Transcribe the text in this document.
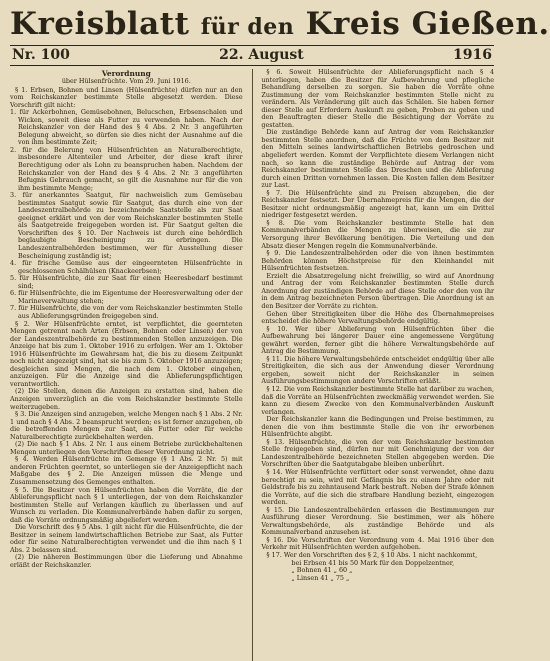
Kreisblatt für den Kreis Gießen.
Nr. 100	22. August	1916

Verordnung

über Hülsenfrüchte. Vom 29. Juni 1916.

§ 1. Erbsen, Bohnen und Linsen (Hülsenfrüchte) dürfen nur an den vom Reichskanzler bestimmte Stelle abgesetzt werden. Diese Vorschrift gilt nicht:

1. für Ackerbohnen, Gemüsebohnen, Belucschen, Erbsenschalen und Wicken, soweit diese als Futter zu verwenden haben. Nach der Reichskanzler von der Hand des § 4 Abs. 2 Nr. 3 angeführten Belegung abweicht, so dürfen sie dies nicht der Ausnahme auf die von ihm bestimmte Zeit;

2. für die Belerung von Hülsenfrüchten an Naturalberechtigte, insbesondere Altenteiler und Arbeiter, der diese kraft ihrer Berechtigung oder als Lohn zu beanspruchen haben. Nachdem der Reichskanzler von der Hand des § 4 Abs. 2 Nr. 3 angeführten Befugnis Gebrauch gemacht, so gilt die Ausnahme nur für die von ihm bestimmte Menge;

3. für anerkanntes Saatgut, für nachweislich zum Gemüsebau bestimmtes Saatgut sowie für Saatgut, das durch eine von der Landeszentralbehörde zu bezeichnende Saatstelle als zur Saat geeignet erklärt und von der vom Reichskanzler bestimmten Stelle als Saatgetreide freigegeben worden ist. Für Saatgut gelten die Vorschriften des § 10. Der Nachweis ist durch eine behördlich beglaubigte Bescheinigung zu erbringen. Die Landeszentralbehörden bestimmen, wer für Ausstellung dieser Bescheinigung zuständig ist;

4. für frische Gemüse aus der eingeernteten Hülsenfrüchte in geschlossenen Schälhülsen (Knackeerbsen);

5. für Hülsenfrüchte, die zur Saat für einen Heeresbedarf bestimmt sind;

6. für Hülsenfrüchte, die im Eigentume der Heeresverwaltung oder der Marineverwaltung stehen;

7. für Hülsenfrüchte, die von der vom Reichskanzler bestimmten Stelle aus Ablieferungsgründen freigegeben sind.

§ 2. Wer Hülsenfrüchte erntet, ist verpflichtet, die geernteten Mengen getrennt nach Arten (Erbsen, Bohnen oder Linsen) der von der Landeszentralbehörde zu bestimmenden Stellen anzuzeigen. Die Anzeige hat bis zum 1. Oktober 1916 zu erfolgen. Wer am 1. Oktober 1916 Hülsenfrüchte im Gewahrsam hat, die bis zu diesem Zeitpunkt noch nicht angezeigt sind, hat sie bis zum 5. Oktober 1916 anzuzeigen; desgleichen sind Mengen, die nach dem 1. Oktober eingehen, anzuzeigen. Für die Anzeige sind die Ablieferungspflichtigen verantwortlich.

(2) Die Stellen, denen die Anzeigen zu erstatten sind, haben die Anzeigen unverzüglich an die vom Reichskanzler bestimmte Stelle weiterzugeben.

§ 3. Die Anzeigen sind anzugeben, welche Mengen nach § 1 Abs. 2 Nr. 1 und nach § 4 Abs. 2 beansprucht werden; es ist ferner anzugeben, ob die betreffenden Mengen zur Saat, als Futter oder für welche Naturalberechtigte zurückbehalten werden.

(2) Die nach § 1 Abs. 2 Nr. 1 aus einem Betriebe zurückbehaltenen Mengen unterliegen den Vorschriften dieser Verordnung nicht.

§ 4. Werden Hülsenfrüchte im Gemenge (§ 1 Abs. 2 Nr. 5) mit anderen Früchten geerntet, so unterliegen sie der Anzeigepflicht nach Maßgabe des § 2. Die Anzeigen müssen die Menge und Zusammensetzung des Gemenges enthalten.

§ 5. Die Besitzer von Hülsenfrüchten haben die Vorräte, die der Ablieferungspflicht nach § 1 unterliegen, der von dem Reichskanzler bestimmten Stelle auf Verlangen käuflich zu überlassen und auf Wunsch zu verladen. Die Kommunalverbände haben dafür zu sorgen, daß die Vorräte ordnungsmäßig abgeliefert werden.

Die Vorschrift des § 5 Abs. 1 gilt nicht für die Hülsenfrüchte, die der Besitzer in seinem landwirtschaftlichen Betriebe zur Saat, als Futter oder für seine Naturalberechtigten verwendet und die ihm nach § 1 Abs. 2 belassen sind.

(2) Die näheren Bestimmungen über die Lieferung und Abnahme erläßt der Reichskanzler.

§ 6. Soweit Hülsenfrüchte der Ablieferungspflicht nach § 4 unterliegen, haben die Besitzer für Aufbewahrung und pflegliche Behandlung derselben zu sorgen. Sie haben die Vorräte ohne Zustimmung der vom Reichskanzler bestimmten Stelle nicht zu verändern. Als Veränderung gilt auch das Schälen. Sie haben ferner dieser Stelle auf Erfordern Auskunft zu geben, Proben zu geben und den Beauftragten dieser Stelle die Besichtigung der Vorräte zu gestatten.

Die zuständige Behörde kann auf Antrag der vom Reichskanzler bestimmten Stelle anordnen, daß die Früchte von dem Besitzer mit den Mitteln seines landwirtschaftlichen Betriebs gedroschen und abgeliefert werden. Kommt der Verpflichtete diesem Verlangen nicht nach, so kann die zuständige Behörde auf Antrag der vom Reichskanzler bestimmten Stelle das Dreschen und die Ablieferung durch einen Dritten vornehmen lassen. Die Kosten fallen dem Besitzer zur Last.

§ 7. Die Hülsenfrüchte sind zu Preisen abzugeben, die der Reichskanzler festsetzt. Der Übernahmepreis für die Mengen, die der Besitzer nicht ordnungsmäßig angezeigt hat, kann um ein Drittel niedriger festgesetzt werden.

§ 8. Die vom Reichskanzler bestimmte Stelle hat den Kommunalverbänden die Mengen zu überweisen, die sie zur Versorgung ihrer Bevölkerung benötigen. Die Verteilung und den Absatz dieser Mengen regeln die Kommunalverbände.

§ 9. Die Landeszentralbehörden oder die von ihnen bestimmten Behörden können Höchstpreise für den Kleinhandel mit Hülsenfrüchten festsetzen.

Erzielt die Absatzregelung nicht freiwillig, so wird auf Anordnung und Antrag der vom Reichskanzler bestimmten Stelle durch Anordnung der zuständigen Behörde auf diese Stelle oder den von ihr in dem Antrag bezeichneten Person übertragen. Die Anordnung ist an den Besitzer der Vorräte zu richten.

Gehen über Streitigkeiten über die Höhe des Übernahmepreises entscheidet die höhere Verwaltungsbehörde endgültig.

§ 10. Wer über Ablieferung von Hülsenfrüchten über die Aufbewahrung bei längerer Dauer eine angemessene Vergütung gewährt werden, ferner gibt die höhere Verwaltungsbehörde auf Antrag die Bestimmung.

§ 11. Die höhere Verwaltungsbehörde entscheidet endgültig über alle Streitigkeiten, die sich aus der Anwendung dieser Verordnung ergeben, soweit nicht der Reichskanzler in seinen Ausführungsbestimmungen andere Vorschriften erläßt.

§ 12. Die vom Reichskanzler bestimmte Stelle hat darüber zu wachen, daß die Vorräte an Hülsenfrüchten zweckmäßig verwendet werden. Sie kann zu diesem Zwecke von den Kommunalverbänden Auskunft verlangen.

Der Reichskanzler kann die Bedingungen und Preise bestimmen, zu denen die von ihm bestimmte Stelle die von ihr erworbenen Hülsenfrüchte abgibt.

§ 13. Hülsenfrüchte, die von der vom Reichskanzler bestimmten Stelle freigegeben sind, dürfen nur mit Genehmigung der von der Landeszentralbehörde bezeichneten Stellen abgegeben werden. Die Vorschriften über die Saatgutabgabe bleiben unberührt.

§ 14. Wer Hülsenfrüchte verfüttert oder sonst verwendet, ohne dazu berechtigt zu sein, wird mit Gefängnis bis zu einem Jahre oder mit Geldstrafe bis zu zehntausend Mark bestraft. Neben der Strafe können die Vorräte, auf die sich die strafbare Handlung bezieht, eingezogen werden.

§ 15. Die Landeszentralbehörden erlassen die Bestimmungen zur Ausführung dieser Verordnung. Sie bestimmen, wer als höhere Verwaltungsbehörde, als zuständige Behörde und als Kommunalverband anzusehen ist.

§ 16. Die Vorschriften der Verordnung vom 4. Mai 1916 über den Verkehr mit Hülsenfrüchten werden aufgehoben.

§ 17. Wer den Vorschriften des § 2, § 10 Abs. 1 nicht nachkommt,

bei Erbsen 41 bis 50 Mark für den Doppelzentner,

„ Bohnen 41 „ 60 „

„ Linsen 41 „ 75 „
